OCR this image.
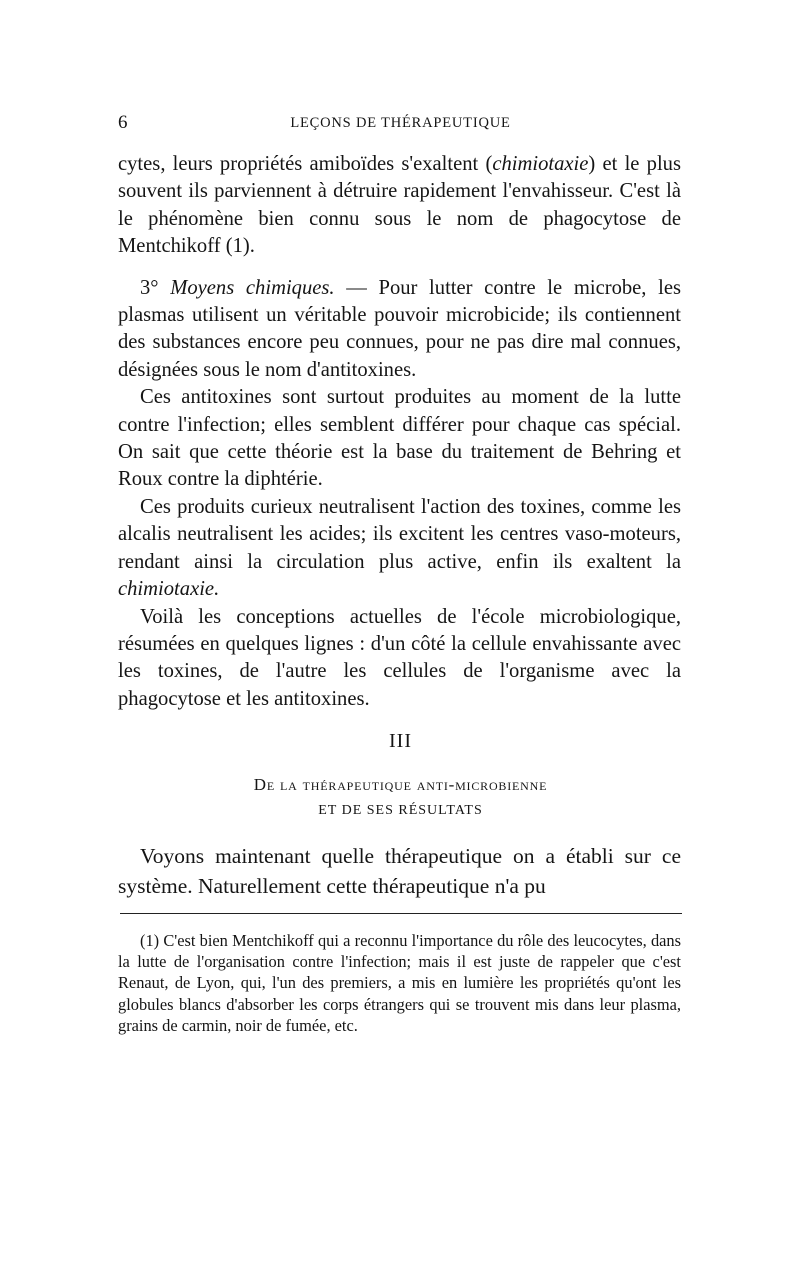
6	LEÇONS DE THÉRAPEUTIQUE

cytes, leurs propriétés amiboïdes s'exaltent (chimiotaxie) et le plus souvent ils parviennent à détruire rapidement l'envahisseur. C'est là le phénomène bien connu sous le nom de phagocytose de Mentchikoff (1).

3° Moyens chimiques. — Pour lutter contre le microbe, les plasmas utilisent un véritable pouvoir microbicide; ils contiennent des substances encore peu connues, pour ne pas dire mal connues, désignées sous le nom d'antitoxines.

Ces antitoxines sont surtout produites au moment de la lutte contre l'infection; elles semblent différer pour chaque cas spécial. On sait que cette théorie est la base du traitement de Behring et Roux contre la diphtérie.

Ces produits curieux neutralisent l'action des toxines, comme les alcalis neutralisent les acides; ils excitent les centres vaso-moteurs, rendant ainsi la circulation plus active, enfin ils exaltent la chimiotaxie.

Voilà les conceptions actuelles de l'école microbiologique, résumées en quelques lignes : d'un côté la cellule envahissante avec les toxines, de l'autre les cellules de l'organisme avec la phagocytose et les antitoxines.

III
De la thérapeutique anti-microbienne
ET DE SES RÉSULTATS

Voyons maintenant quelle thérapeutique on a établi sur ce système. Naturellement cette thérapeutique n'a pu

(1) C'est bien Mentchikoff qui a reconnu l'importance du rôle des leucocytes, dans la lutte de l'organisation contre l'infection; mais il est juste de rappeler que c'est Renaut, de Lyon, qui, l'un des premiers, a mis en lumière les propriétés qu'ont les globules blancs d'absorber les corps étrangers qui se trouvent mis dans leur plasma, grains de carmin, noir de fumée, etc.
